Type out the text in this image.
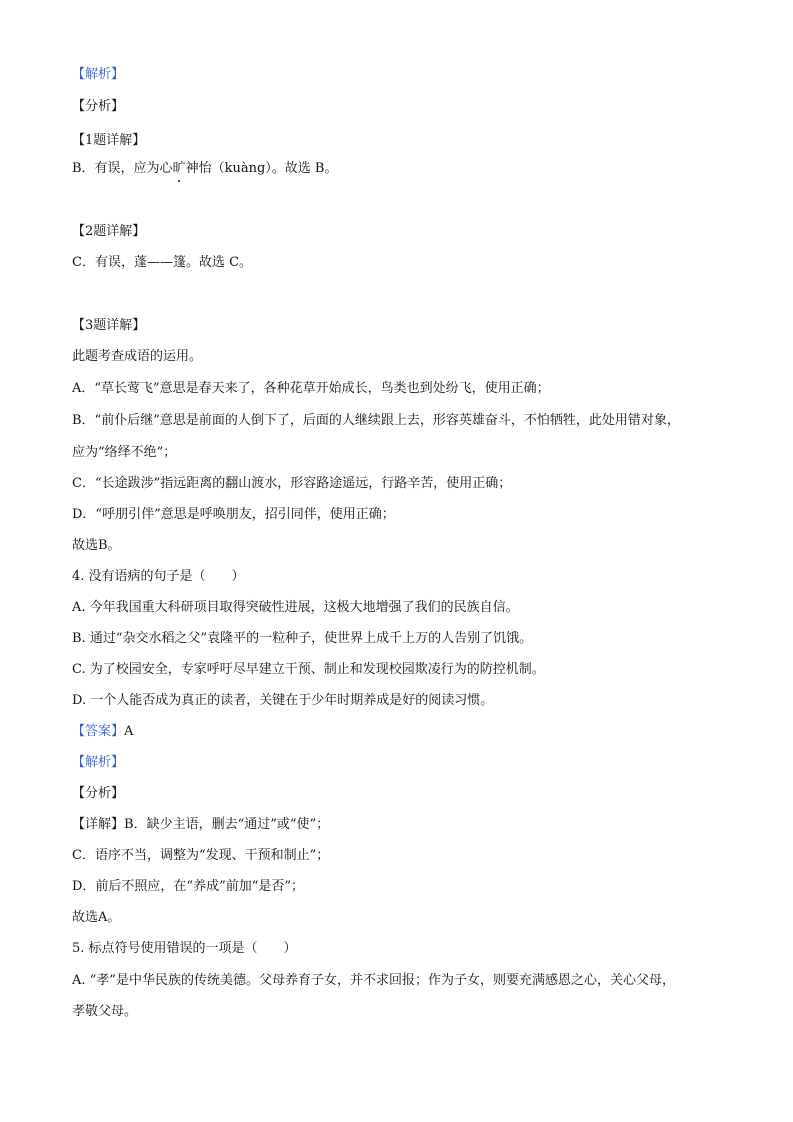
【解析】

【分析】

【1题详解】

B．有误，应为心旷神怡（kuàng）。故选 B。

【2题详解】

C．有误，蓬——篷。故选 C。

【3题详解】

此题考查成语的运用。

A．“草长莺飞”意思是春天来了，各种花草开始成长，鸟类也到处纷飞，使用正确；

B．“前仆后继”意思是前面的人倒下了，后面的人继续跟上去，形容英雄奋斗，不怕牺牲，此处用错对象，

应为“络绎不绝”；

C．“长途跋涉”指远距离的翻山渡水，形容路途遥远，行路辛苦，使用正确；

D．“呼朋引伴”意思是呼唤朋友，招引同伴，使用正确；

故选B。

4. 没有语病的句子是（　　）

A. 今年我国重大科研项目取得突破性进展，这极大地增强了我们的民族自信。

B. 通过“杂交水稻之父”袁隆平的一粒种子，使世界上成千上万的人告别了饥饿。

C. 为了校园安全，专家呼吁尽早建立干预、制止和发现校园欺凌行为的防控机制。

D. 一个人能否成为真正的读者，关键在于少年时期养成是好的阅读习惯。

【答案】A

【解析】

【分析】

【详解】B．缺少主语，删去“通过”或“使”；

C．语序不当，调整为“发现、干预和制止”；

D．前后不照应，在“养成”前加“是否”；

故选A。

5. 标点符号使用错误的一项是（　　）

A. “孝”是中华民族的传统美德。父母养育子女，并不求回报；作为子女，则要充满感恩之心，关心父母，

孝敬父母。
